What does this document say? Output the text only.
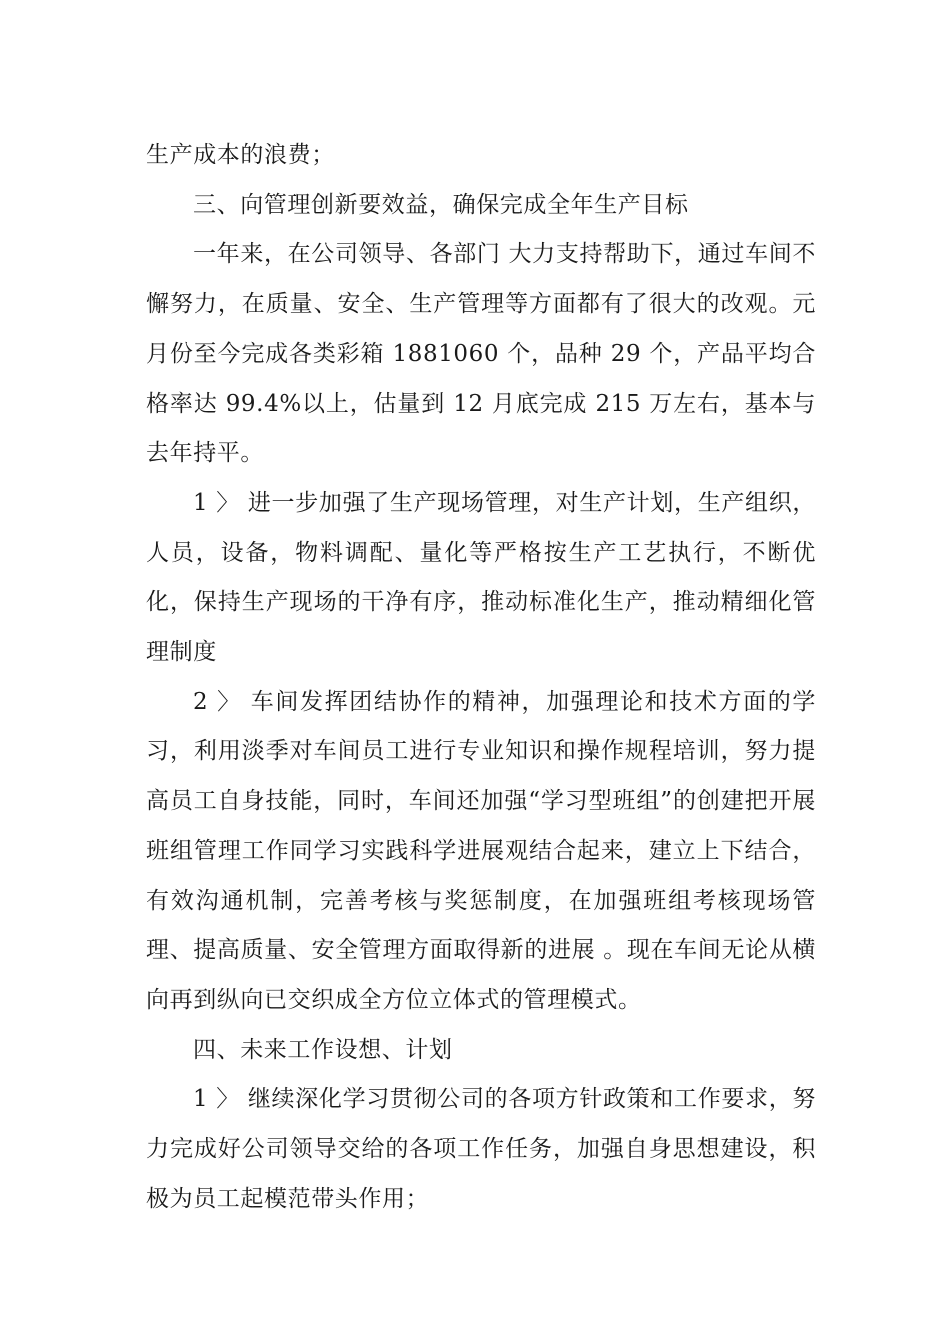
生产成本的浪费；

三、向管理创新要效益，确保完成全年生产目标

一年来，在公司领导、各部门 大力支持帮助下，通过车间不懈努力，在质量、安全、生产管理等方面都有了很大的改观。元月份至今完成各类彩箱 1881060 个，品种 29 个，产品平均合格率达 99.4%以上，估量到 12 月底完成 215 万左右，基本与去年持平。

1 〉 进一步加强了生产现场管理，对生产计划，生产组织，人员，设备，物料调配、量化等严格按生产工艺执行，不断优化，保持生产现场的干净有序，推动标准化生产，推动精细化管理制度

2 〉 车间发挥团结协作的精神，加强理论和技术方面的学习，利用淡季对车间员工进行专业知识和操作规程培训，努力提高员工自身技能，同时，车间还加强“学习型班组”的创建把开展班组管理工作同学习实践科学进展观结合起来，建立上下结合，有效沟通机制，完善考核与奖惩制度，在加强班组考核现场管理、提高质量、安全管理方面取得新的进展 。现在车间无论从横向再到纵向已交织成全方位立体式的管理模式。

四、未来工作设想、计划

1 〉 继续深化学习贯彻公司的各项方针政策和工作要求，努力完成好公司领导交给的各项工作任务，加强自身思想建设，积极为员工起模范带头作用；
